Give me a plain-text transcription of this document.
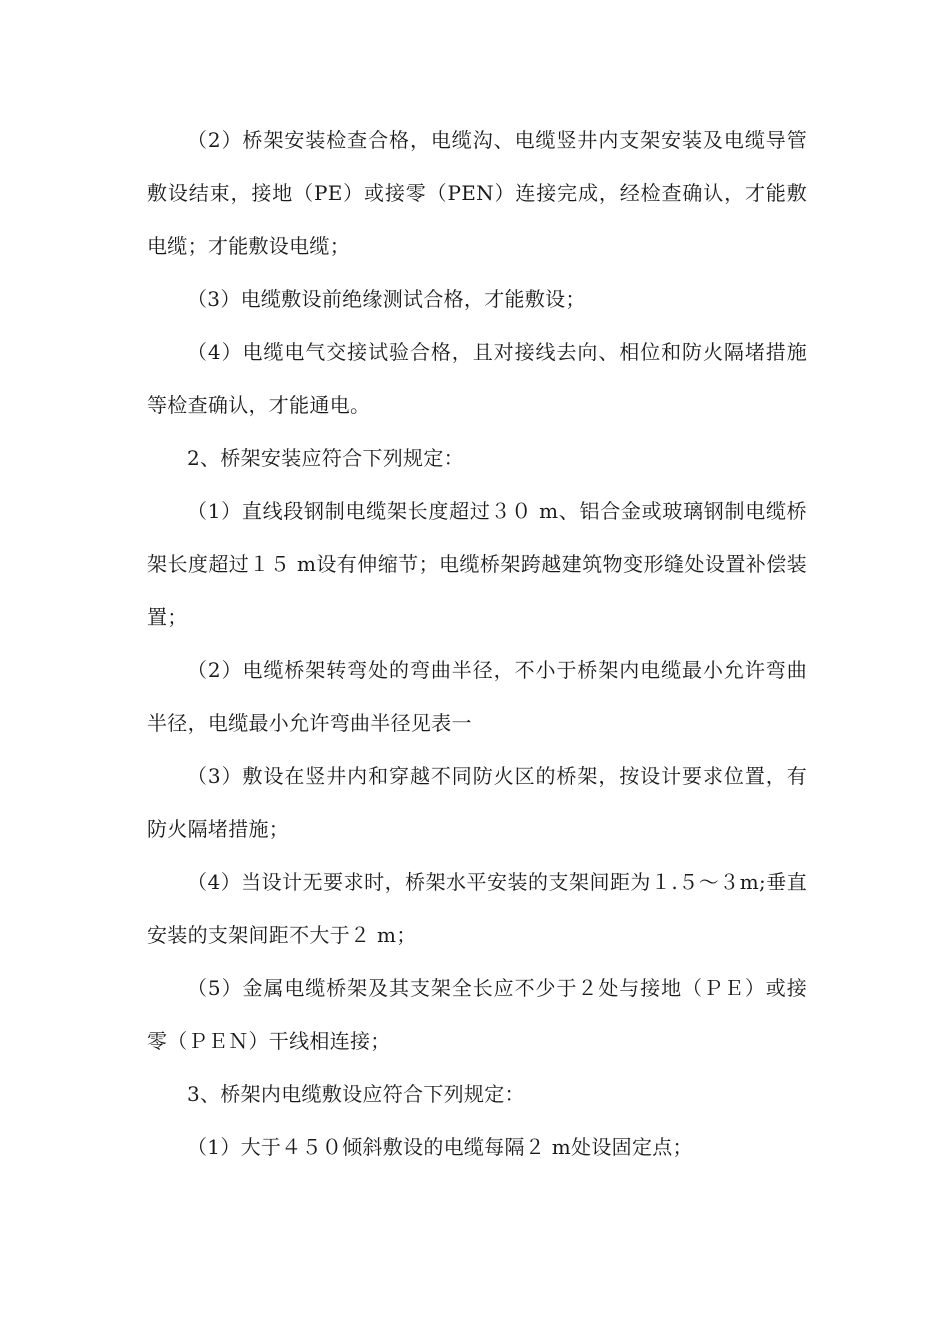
（2）桥架安装检查合格，电缆沟、电缆竖井内支架安装及电缆导管敷设结束，接地（PE）或接零（PEN）连接完成，经检查确认，才能敷电缆；才能敷设电缆；

（3）电缆敷设前绝缘测试合格，才能敷设；

（4）电缆电气交接试验合格，且对接线去向、相位和防火隔堵措施等检查确认，才能通电。

2、桥架安装应符合下列规定：

（1）直线段钢制电缆架长度超过３０ m、铝合金或玻璃钢制电缆桥架长度超过１５ m设有伸缩节；电缆桥架跨越建筑物变形缝处设置补偿装置；

（2）电缆桥架转弯处的弯曲半径，不小于桥架内电缆最小允许弯曲半径，电缆最小允许弯曲半径见表一

（3）敷设在竖井内和穿越不同防火区的桥架，按设计要求位置，有防火隔堵措施；

（4）当设计无要求时，桥架水平安装的支架间距为１.５～３m;垂直安装的支架间距不大于２ m；

（5）金属电缆桥架及其支架全长应不少于２处与接地（ＰＥ）或接零（ＰＥＮ）干线相连接；

3、桥架内电缆敷设应符合下列规定：

（1）大于４５０倾斜敷设的电缆每隔２ m处设固定点；
